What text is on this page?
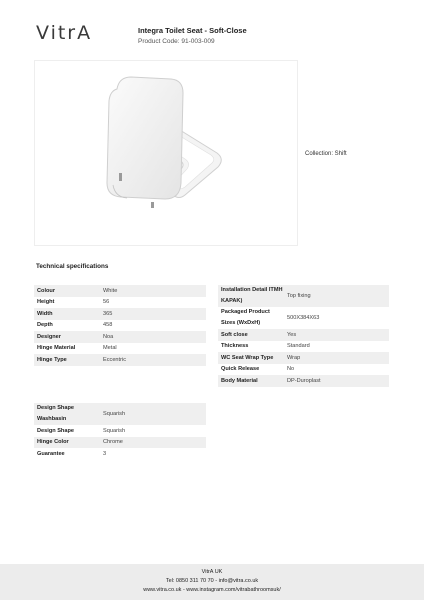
VitrA	Integra Toilet Seat - Soft-Close
Product Code: 91-003-009
Collection: Shift
Technical specifications
Colour	White
Height	56
Width	365
Depth	458
Designer	Noa
Hinge Material	Metal
Hinge Type	Eccentric
Installation Detail ITMH KAPAK)	Top fixing
Packaged Product Sizes (WxDxH)	500X384X63
Soft close	Yes
Thickness	Standard
WC Seat Wrap Type	Wrap
Quick Release	No
Body Material	DP-Duroplast
Design Shape Washbasin	Squarish
Design Shape	Squarish
Hinge Color	Chrome
Guarantee	3
VitrA UK
Tel: 0850 311 70 70 - info@vitra.co.uk
www.vitra.co.uk - www.instagram.com/vitrabathroomsuk/
